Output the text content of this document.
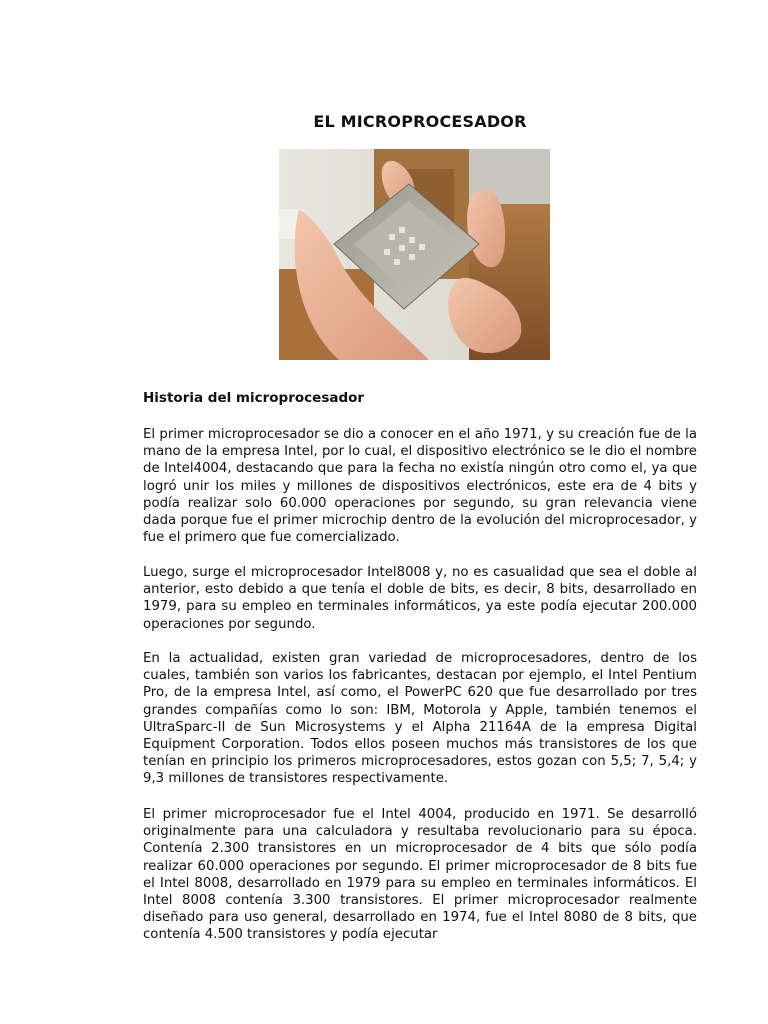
EL MICROPROCESADOR
Historia del microprocesador

El primer microprocesador se dio a conocer en el año 1971, y su creación fue de la mano de la empresa Intel, por lo cual, el dispositivo electrónico se le dio el nombre de Intel4004, destacando que para la fecha no existía ningún otro como el, ya que logró unir los miles y millones de dispositivos electrónicos, este era de 4 bits y podía realizar solo 60.000 operaciones por segundo, su gran relevancia viene dada porque fue el primer microchip dentro de la evolución del microprocesador, y fue el primero que fue comercializado.

Luego, surge el microprocesador Intel8008 y, no es casualidad que sea el doble al anterior, esto debido a que tenía el doble de bits, es decir, 8 bits, desarrollado en 1979, para su empleo en terminales informáticos, ya este podía ejecutar 200.000 operaciones por segundo.

En la actualidad, existen gran variedad de microprocesadores, dentro de los cuales, también son varios los fabricantes, destacan por ejemplo, el Intel Pentium Pro, de la empresa Intel, así como, el PowerPC 620 que fue desarrollado por tres grandes compañías como lo son: IBM, Motorola y Apple, también tenemos el UltraSparc-II de Sun Microsystems y el Alpha 21164A de la empresa Digital Equipment Corporation. Todos ellos poseen muchos más transistores de los que tenían en principio los primeros microprocesadores, estos gozan con 5,5; 7, 5,4; y 9,3 millones de transistores respectivamente.

El primer microprocesador fue el Intel 4004, producido en 1971. Se desarrolló originalmente para una calculadora y resultaba revolucionario para su época. Contenía 2.300 transistores en un microprocesador de 4 bits que sólo podía realizar 60.000 operaciones por segundo. El primer microprocesador de 8 bits fue el Intel 8008, desarrollado en 1979 para su empleo en terminales informáticos. El Intel 8008 contenía 3.300 transistores. El primer microprocesador realmente diseñado para uso general, desarrollado en 1974, fue el Intel 8080 de 8 bits, que contenía 4.500 transistores y podía ejecutar
